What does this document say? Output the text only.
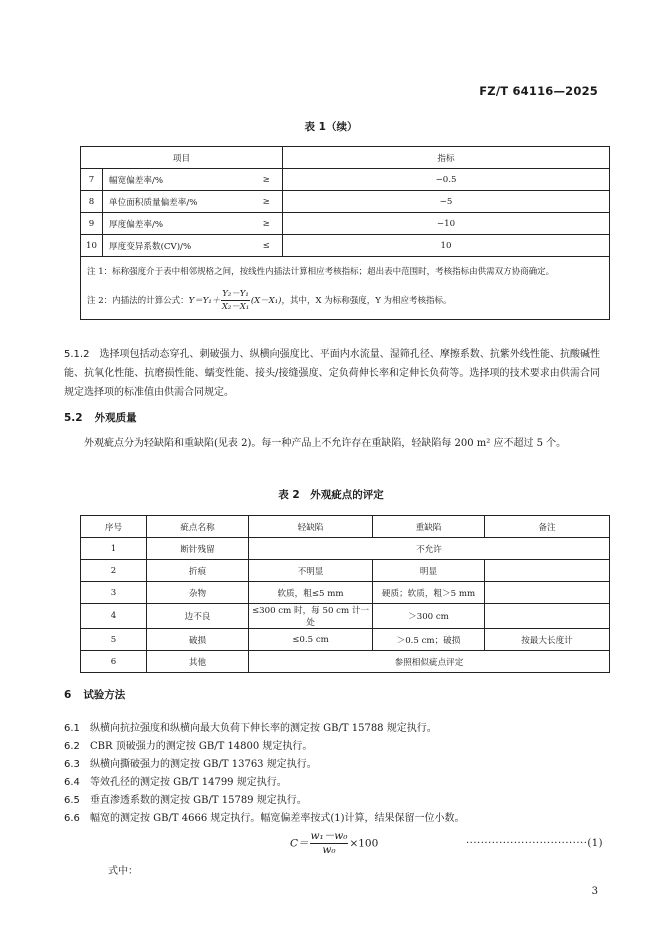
FZ/T 64116—2025
表 1（续）
项目			指标
7	幅宽偏差率/%	≥	−0.5
8	单位面积质量偏差率/%	≥	−5
9	厚度偏差率/%	≥	−10
10	厚度变异系数(CV)/%	≤	10

注 1：标称强度介于表中相邻规格之间，按线性内插法计算相应考核指标；超出表中范围时，考核指标由供需双方协商确定。
注 2：内插法的计算公式：$Y=Y_1+ \frac{\text{Y₂－Y₁}}{\text{X₂－X₁}} (X-X_1)$，其中，X 为标称强度，Y 为相应考核指标。			
5.1.2 选择项包括动态穿孔、刺破强力、纵横向强度比、平面内水流量、湿筛孔径、摩擦系数、抗紫外线性能、抗酸碱性能、抗氧化性能、抗磨损性能、蠕变性能、接头/接缝强度、定负荷伸长率和定伸长负荷等。选择项的技术要求由供需合同规定选择项的标准值由供需合同规定。
5.2 外观质量
外观疵点分为轻缺陷和重缺陷(见表 2)。每一种产品上不允许存在重缺陷，轻缺陷每 200 m² 应不超过 5 个。
表 2　外观疵点的评定
序号	疵点名称	轻缺陷	重缺陷	备注
1	断针残留	不允许		
2	折痕	不明显	明显	
3	杂物	软质，粗≤5 mm	硬质；软质，粗＞5 mm	
4	边不良	≤300 cm 时，每 50 cm 计一处	＞300 cm	
5	破损	≤0.5 cm	＞0.5 cm；破损	按最大长度计
6	其他	参照相似疵点评定		
6 试验方法
6.1 纵横向抗拉强度和纵横向最大负荷下伸长率的测定按 GB/T 15788 规定执行。
6.2 CBR 顶破强力的测定按 GB/T 14800 规定执行。
6.3 纵横向撕破强力的测定按 GB/T 13763 规定执行。
6.4 等效孔径的测定按 GB/T 14799 规定执行。
6.5 垂直渗透系数的测定按 GB/T 15789 规定执行。
6.6 幅宽的测定按 GB/T 4666 规定执行。幅宽偏差率按式(1)计算，结果保留一位小数。
$C= \frac{\text{w₁－w₀}}{\text{w₀}} \times 100$	·································(1)
式中：
3
